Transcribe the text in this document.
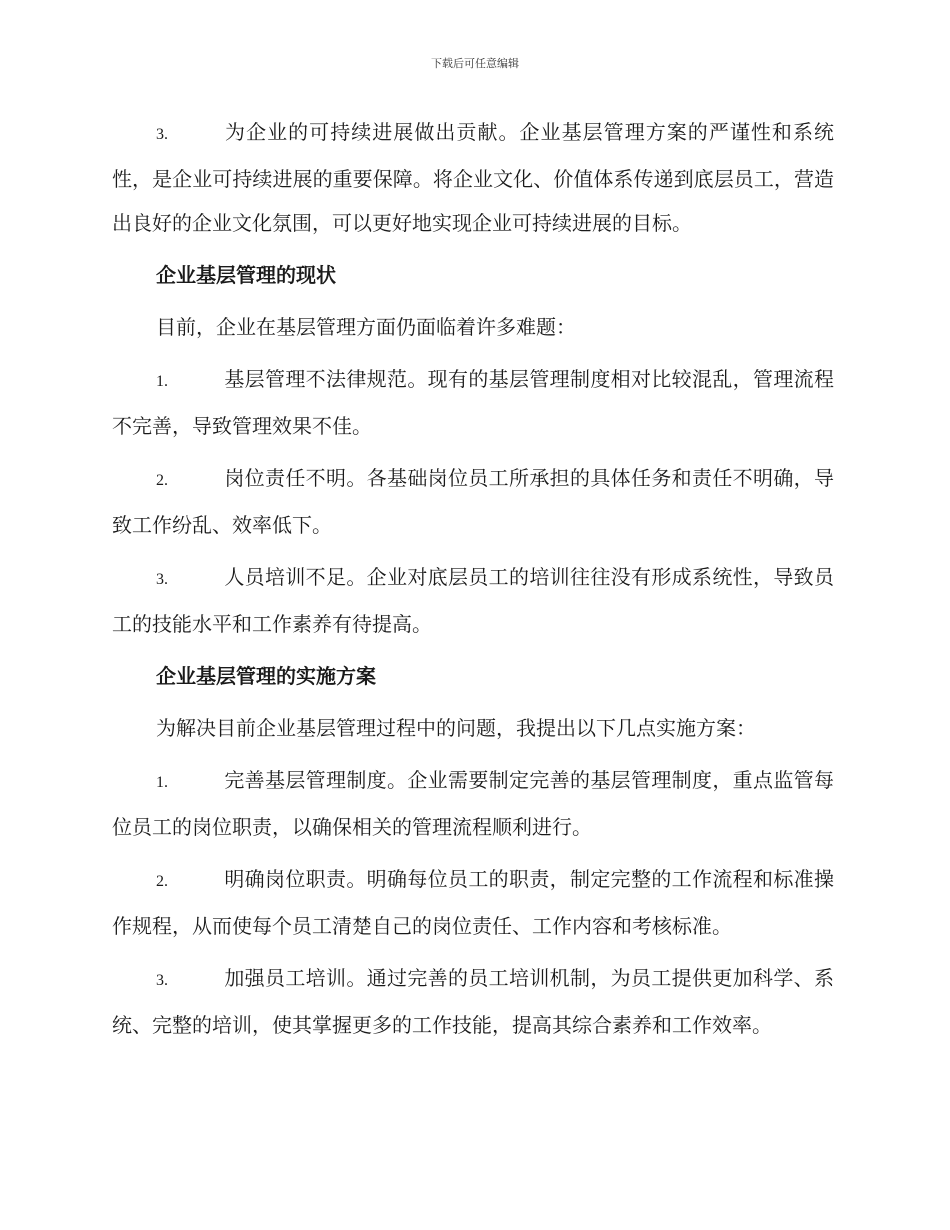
下载后可任意编辑

3.	为企业的可持续进展做出贡献。企业基层管理方案的严谨性和系统性，是企业可持续进展的重要保障。将企业文化、价值体系传递到底层员工，营造出良好的企业文化氛围，可以更好地实现企业可持续进展的目标。

企业基层管理的现状

目前，企业在基层管理方面仍面临着许多难题：

1.	基层管理不法律规范。现有的基层管理制度相对比较混乱，管理流程不完善，导致管理效果不佳。

2.	岗位责任不明。各基础岗位员工所承担的具体任务和责任不明确，导致工作纷乱、效率低下。

3.	人员培训不足。企业对底层员工的培训往往没有形成系统性，导致员工的技能水平和工作素养有待提高。

企业基层管理的实施方案

为解决目前企业基层管理过程中的问题，我提出以下几点实施方案：

1.	完善基层管理制度。企业需要制定完善的基层管理制度，重点监管每位员工的岗位职责，以确保相关的管理流程顺利进行。

2.	明确岗位职责。明确每位员工的职责，制定完整的工作流程和标准操作规程，从而使每个员工清楚自己的岗位责任、工作内容和考核标准。

3.	加强员工培训。通过完善的员工培训机制，为员工提供更加科学、系统、完整的培训，使其掌握更多的工作技能，提高其综合素养和工作效率。
